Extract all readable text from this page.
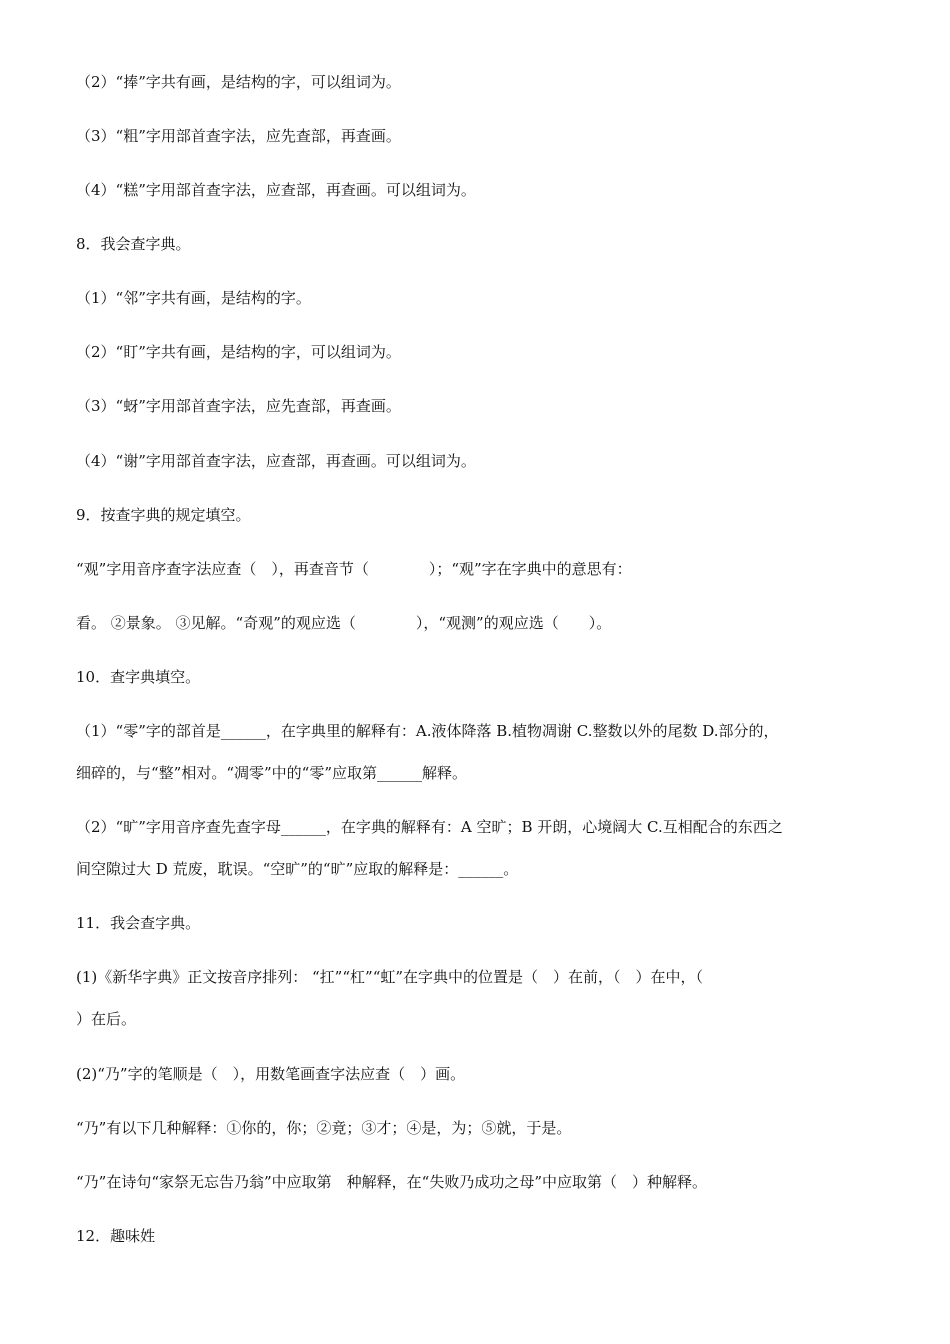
（2）“捧”字共有画，是结构的字，可以组词为。
（3）“粗”字用部首查字法，应先查部，再查画。
（4）“糕”字用部首查字法，应查部，再查画。可以组词为。
8．我会查字典。
（1）“邻”字共有画，是结构的字。
（2）“盯”字共有画，是结构的字，可以组词为。
（3）“蚜”字用部首查字法，应先查部，再查画。
（4）“谢”字用部首查字法，应查部，再查画。可以组词为。
9．按查字典的规定填空。
“观”字用音序查字法应查（　），再查音节（　　　　）；“观”字在字典中的意思有：
看。 ②景象。 ③见解。“奇观”的观应选（　　　　），“观测”的观应选（　　）。
10．查字典填空。
（1）“零”字的部首是______，在字典里的解释有：A.液体降落 B.植物凋谢 C.整数以外的尾数 D.部分的，
细碎的，与“整”相对。“凋零”中的“零”应取第______解释。
（2）“旷”字用音序查先查字母______，在字典的解释有：A 空旷；B 开朗，心境阔大 C.互相配合的东西之
间空隙过大 D 荒废，耽误。“空旷”的“旷”应取的解释是：______。
11．我会查字典。
(1)《新华字典》正文按音序排列： “扛”“杠”“虹”在字典中的位置是（　）在前，（　）在中，（
）在后。
(2)“乃”字的笔顺是（　），用数笔画查字法应查（　）画。
“乃”有以下几种解释：①你的，你；②竟；③才；④是，为；⑤就，于是。
“乃”在诗句“家祭无忘告乃翁”中应取第　种解释，在“失败乃成功之母”中应取第（　）种解释。
12．趣味姓
